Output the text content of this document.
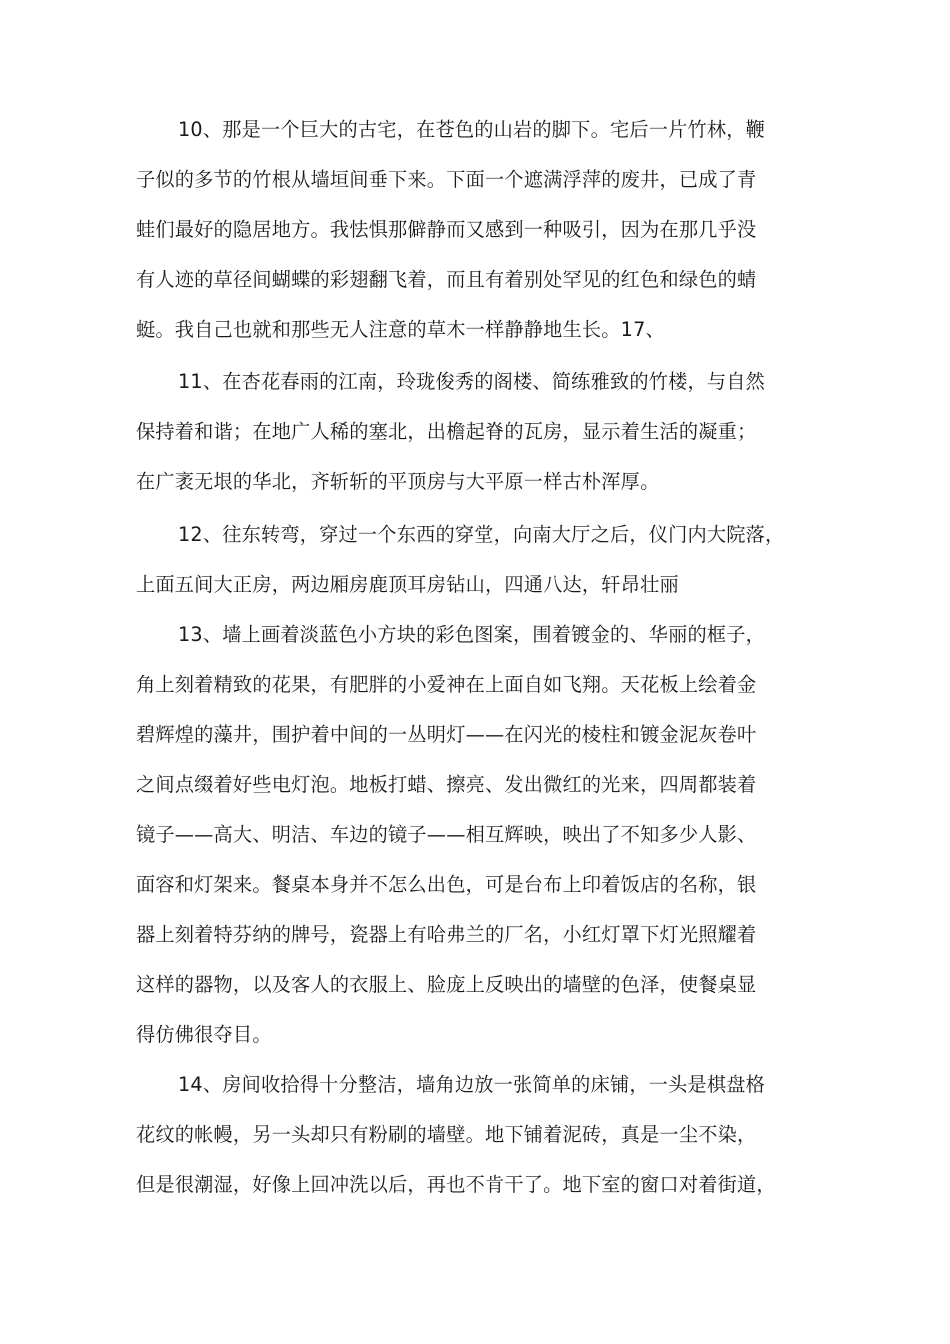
10、那是一个巨大的古宅，在苍色的山岩的脚下。宅后一片竹林，鞭
子似的多节的竹根从墙垣间垂下来。下面一个遮满浮萍的废井，已成了青
蛙们最好的隐居地方。我怯惧那僻静而又感到一种吸引，因为在那几乎没
有人迹的草径间蝴蝶的彩翅翻飞着，而且有着别处罕见的红色和绿色的蜻
蜓。我自己也就和那些无人注意的草木一样静静地生长。17、
11、在杏花春雨的江南，玲珑俊秀的阁楼、简练雅致的竹楼，与自然
保持着和谐；在地广人稀的塞北，出檐起脊的瓦房，显示着生活的凝重；
在广袤无垠的华北，齐斩斩的平顶房与大平原一样古朴浑厚。
12、往东转弯，穿过一个东西的穿堂，向南大厅之后，仪门内大院落，
上面五间大正房，两边厢房鹿顶耳房钻山，四通八达，轩昂壮丽
13、墙上画着淡蓝色小方块的彩色图案，围着镀金的、华丽的框子，
角上刻着精致的花果，有肥胖的小爱神在上面自如飞翔。天花板上绘着金
碧辉煌的藻井，围护着中间的一丛明灯——在闪光的棱柱和镀金泥灰卷叶
之间点缀着好些电灯泡。地板打蜡、擦亮、发出微红的光来，四周都装着
镜子——高大、明洁、车边的镜子——相互辉映，映出了不知多少人影、
面容和灯架来。餐桌本身并不怎么出色，可是台布上印着饭店的名称，银
器上刻着特芬纳的牌号，瓷器上有哈弗兰的厂名，小红灯罩下灯光照耀着
这样的器物，以及客人的衣服上、脸庞上反映出的墙壁的色泽，使餐桌显
得仿佛很夺目。
14、房间收拾得十分整洁，墙角边放一张简单的床铺，一头是棋盘格
花纹的帐幔，另一头却只有粉刷的墙壁。地下铺着泥砖，真是一尘不染，
但是很潮湿，好像上回冲洗以后，再也不肯干了。地下室的窗口对着街道，
